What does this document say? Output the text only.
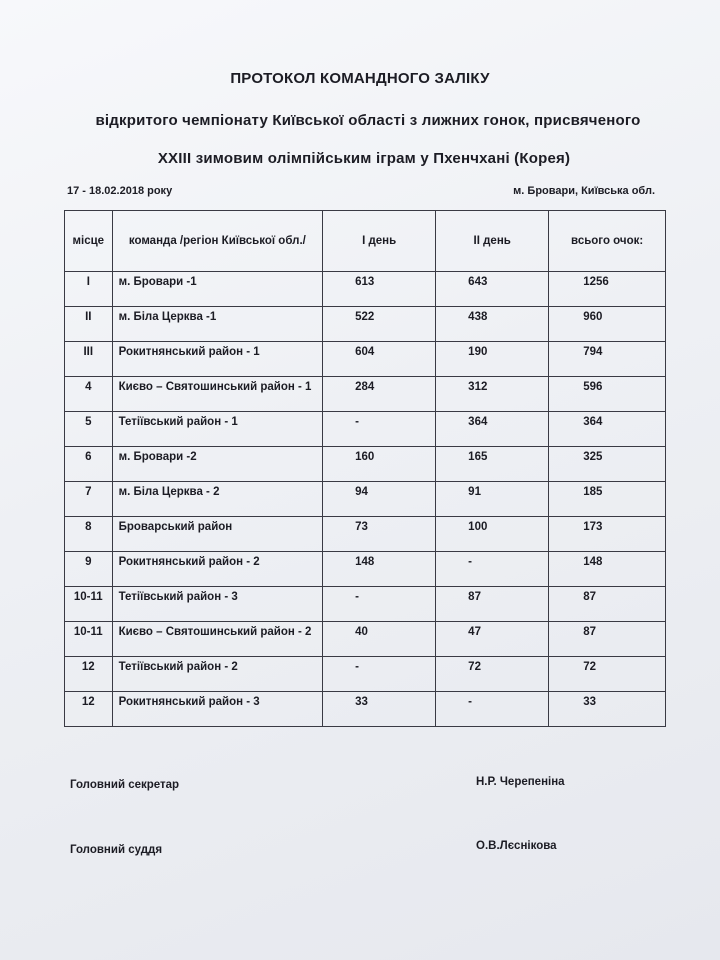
ПРОТОКОЛ КОМАНДНОГО ЗАЛІКУ
відкритого чемпіонату Київської області з лижних гонок, присвяченого
XXIII зимовим олімпійським іграм у Пхенчхані (Корея)
17 - 18.02.2018 року	м. Бровари, Київська обл.
місце	команда /регіон Київської обл./	І день	ІІ день	всього очок:
І	м. Бровари -1	613	643	1256
ІІ	м. Біла Церква -1	522	438	960
ІІІ	Рокитнянський район - 1	604	190	794
4	Києво – Святошинський район - 1	284	312	596
5	Тетіївський район - 1	-	364	364
6	м. Бровари -2	160	165	325
7	м. Біла Церква - 2	94	91	185
8	Броварський район	73	100	173
9	Рокитнянський район - 2	148	-	148
10-11	Тетіївський район - 3	-	87	87
10-11	Києво – Святошинський район - 2	40	47	87
12	Тетіївський район - 2	-	72	72
12	Рокитнянський район - 3	33	-	33
Головний секретар	Н.Р. Черепеніна
Головний суддя	О.В.Лєснікова
